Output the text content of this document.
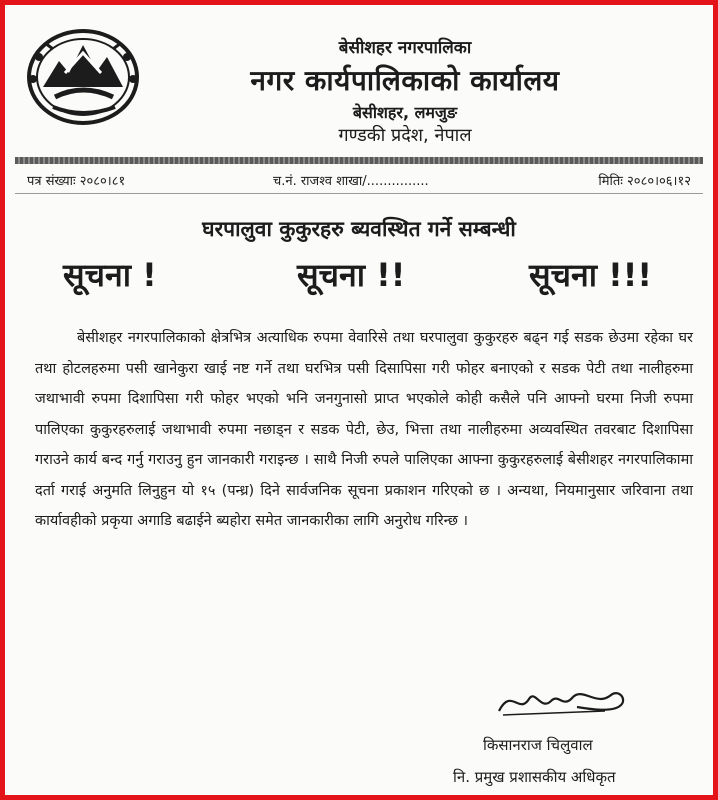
बेसीशहर नगरपालिका
नगर कार्यपालिकाको कार्यालय
बेसीशहर, लमजुङ
गण्डकी प्रदेश, नेपाल
पत्र संख्याः २०८०।८१	च.नं. राजश्व शाखा/...............	मितिः २०८०।०६।१२
घरपालुवा कुकुरहरु ब्यवस्थित गर्ने सम्बन्धी
सूचना !	सूचना !!	सूचना !!!
बेसीशहर नगरपालिकाको क्षेत्रभित्र अत्याधिक रुपमा वेवारिसे तथा घरपालुवा कुकुरहरु बढ्न गई सडक छेउमा रहेका घर तथा होटलहरुमा पसी खानेकुरा खाई नष्ट गर्ने तथा घरभित्र पसी दिसापिसा गरी फोहर बनाएको र सडक पेटी तथा नालीहरुमा जथाभावी रुपमा दिशापिसा गरी फोहर भएको भनि जनगुनासो प्राप्त भएकोले कोही कसैले पनि आफ्नो घरमा निजी रुपमा पालिएका कुकुरहरुलाई जथाभावी रुपमा नछाड्न र सडक पेटी, छेउ, भित्ता तथा नालीहरुमा अव्यवस्थित तवरबाट दिशापिसा गराउने कार्य बन्द गर्नु गराउनु हुन जानकारी गराइन्छ । साथै निजी रुपले पालिएका आफ्ना कुकुरहरुलाई बेसीशहर नगरपालिकामा दर्ता गराई अनुमति लिनुहुन यो १५ (पन्ध्र) दिने सार्वजनिक सूचना प्रकाशन गरिएको छ । अन्यथा, नियमानुसार जरिवाना तथा कार्यावहीको प्रकृया अगाडि बढाईने ब्यहोरा समेत जानकारीका लागि अनुरोध गरिन्छ ।
किसानराज चिलुवाल
नि. प्रमुख प्रशासकीय अधिकृत
